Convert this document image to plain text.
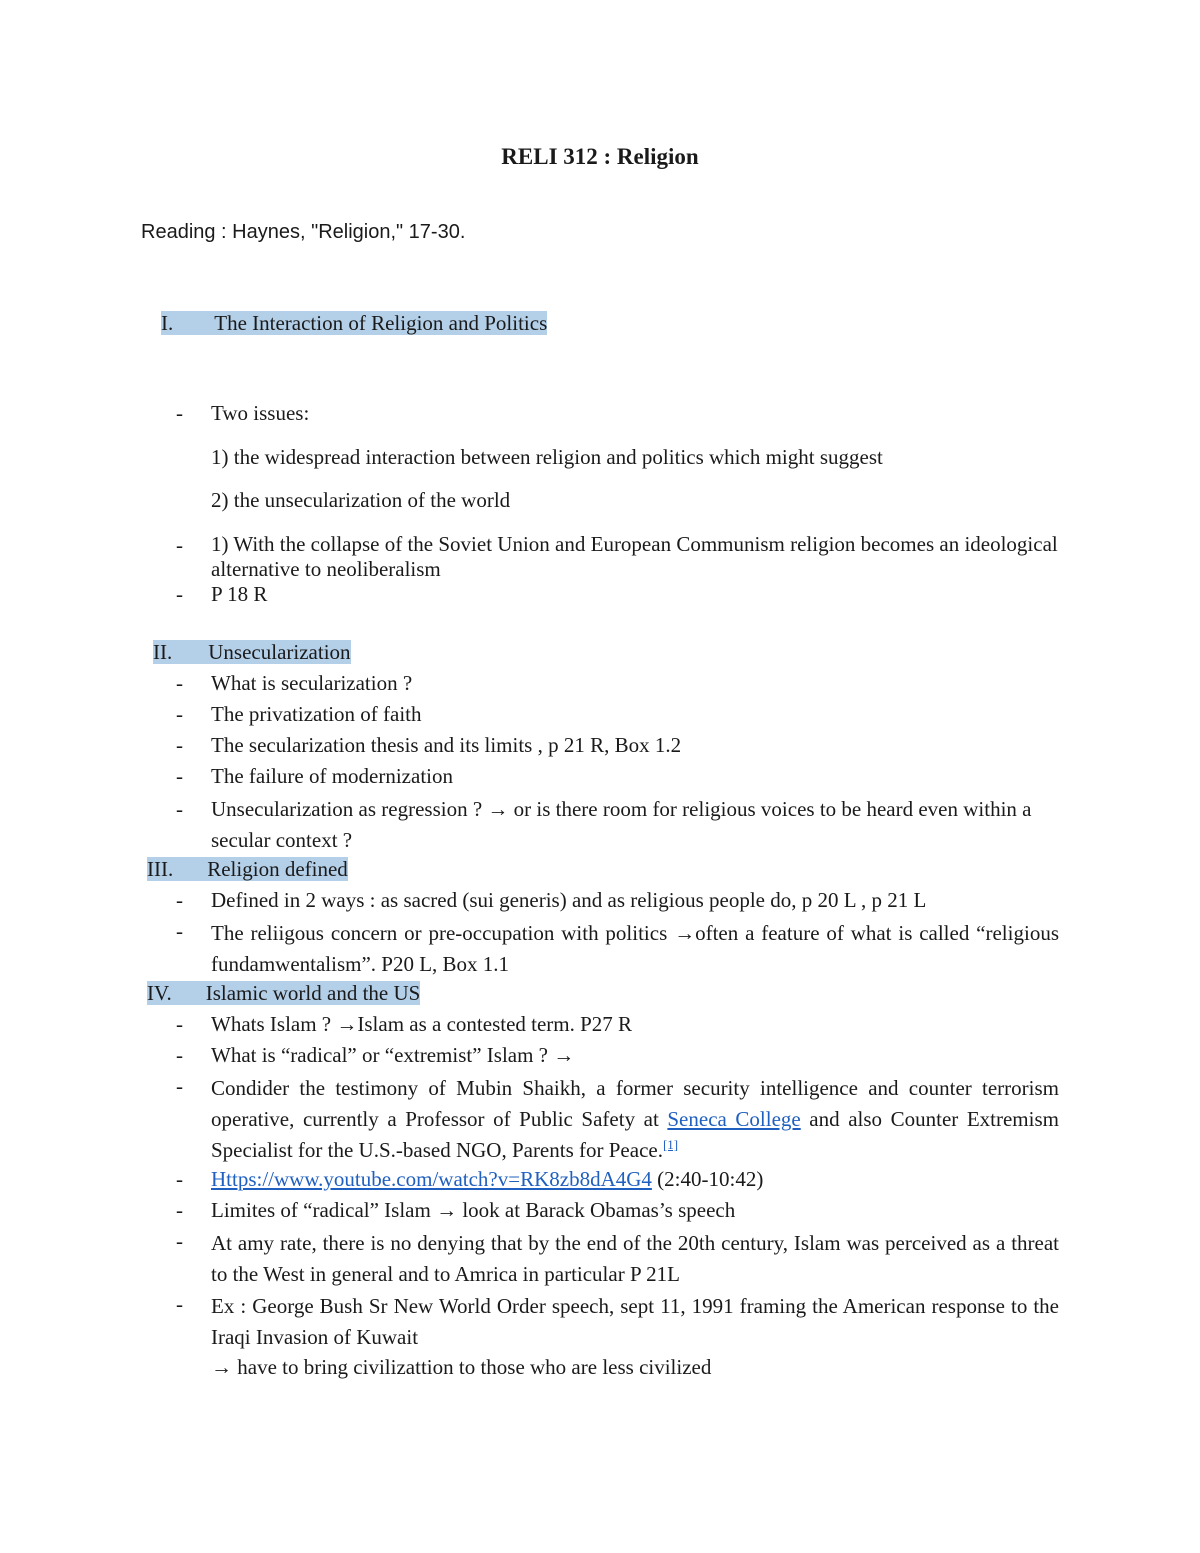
RELI 312 : Religion
Reading : Haynes, "Religion," 17-30.
I. The Interaction of Religion and Politics
- Two issues:
1) the widespread interaction between religion and politics which might suggest
2) the unsecularization of the world
- 1) With the collapse of the Soviet Union and European Communism religion becomes an ideological alternative to neoliberalism
- P 18 R
II. Unsecularization
- What is secularization ?
- The privatization of faith
- The secularization thesis and its limits , p 21 R, Box 1.2
- The failure of modernization
- Unsecularization as regression ? → or is there room for religious voices to be heard even within a secular context ?
III. Religion defined
- Defined in 2 ways : as sacred (sui generis) and as religious people do, p 20 L , p 21 L
- The reliigous concern or pre-occupation with politics →often a feature of what is called “religious fundamwentalism”. P20 L, Box 1.1
IV. Islamic world and the US
- Whats Islam ? →Islam as a contested term. P27 R
- What is “radical” or “extremist” Islam ? →
- Condider the testimony of Mubin Shaikh, a former security intelligence and counter terrorism operative, currently a Professor of Public Safety at Seneca College and also Counter Extremism Specialist for the U.S.-based NGO, Parents for Peace.[1]
- Https://www.youtube.com/watch?v=RK8zb8dA4G4 (2:40-10:42)
- Limites of “radical” Islam → look at Barack Obamas’s speech
- At amy rate, there is no denying that by the end of the 20th century, Islam was perceived as a threat to the West in general and to Amrica in particular P 21L
- Ex : George Bush Sr New World Order speech, sept 11, 1991 framing the American response to the Iraqi Invasion of Kuwait
→ have to bring civilizattion to those who are less civilized
